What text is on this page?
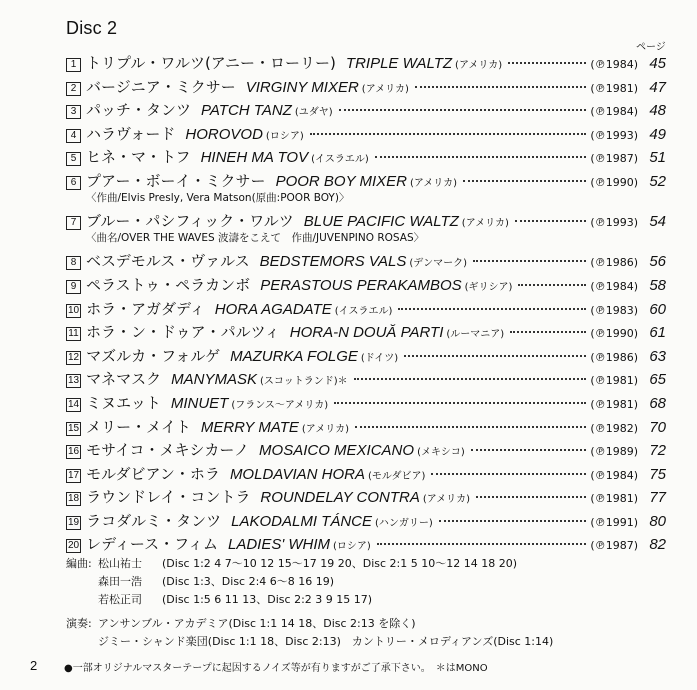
Disc 2
ページ
1 トリプル・ワルツ(アニー・ローリー) TRIPLE WALTZ (アメリカ)	(℗1984) 45
2 バージニア・ミクサー VIRGINY MIXER (アメリカ)	(℗1981) 47
3 パッチ・タンツ PATCH TANZ (ユダヤ)	(℗1984) 48
4 ハラヴォード HOROVOD (ロシア)	(℗1993) 49
5 ヒネ・マ・トフ HINEH MA TOV (イスラエル)	(℗1987) 51
6 プアー・ボーイ・ミクサー POOR BOY MIXER (アメリカ)	(℗1990) 52
〈作曲/Elvis Presly, Vera Matson(原曲:POOR BOY)〉
7 ブルー・パシフィック・ワルツ BLUE PACIFIC WALTZ (アメリカ)	(℗1993) 54
〈曲名/OVER THE WAVES 波濤をこえて　作曲/JUVENPINO ROSAS〉
8 ベスデモルス・ヴァルス BEDSTEMORS VALS (デンマーク)	(℗1986) 56
9 ペラストゥ・ペラカンボ PERASTOUS PERAKAMBOS (ギリシア)	(℗1984) 58
10 ホラ・アガダディ HORA AGADATE (イスラエル)	(℗1983) 60
11 ホラ・ン・ドゥア・パルツィ HORA-N DOUĂ PARTI (ルーマニア)	(℗1990) 61
12 マズルカ・フォルゲ MAZURKA FOLGE (ドイツ)	(℗1986) 63
13 マネマスク MANYMASK (スコットランド)＊	(℗1981) 65
14 ミヌエット MINUET (フランス〜アメリカ)	(℗1981) 68
15 メリー・メイト MERRY MATE (アメリカ)	(℗1982) 70
16 モサイコ・メキシカーノ MOSAICO MEXICANO (メキシコ)	(℗1989) 72
17 モルダビアン・ホラ MOLDAVIAN HORA (モルダビア)	(℗1984) 75
18 ラウンドレイ・コントラ ROUNDELAY CONTRA (アメリカ)	(℗1981) 77
19 ラコダルミ・タンツ LAKODALMI TÁNCE (ハンガリー)	(℗1991) 80
20 レディース・フィム LADIES' WHIM (ロシア)	(℗1987) 82
編曲: 松山祐士	(Disc 1:2 4 7〜10 12 15〜17 19 20、Disc 2:1 5 10〜12 14 18 20)
森田一浩	(Disc 1:3、Disc 2:4 6〜8 16 19)
若松正司	(Disc 1:5 6 11 13、Disc 2:2 3 9 15 17)
演奏: アンサンブル・アカデミア(Disc 1:1 14 18、Disc 2:13 を除く)
ジミー・シャンド楽団(Disc 1:1 18、Disc 2:13)　カントリー・メロディアンズ(Disc 1:14)
2	●一部オリジナルマスターテープに起因するノイズ等が有りますがご了承下さい。　＊はMONO
